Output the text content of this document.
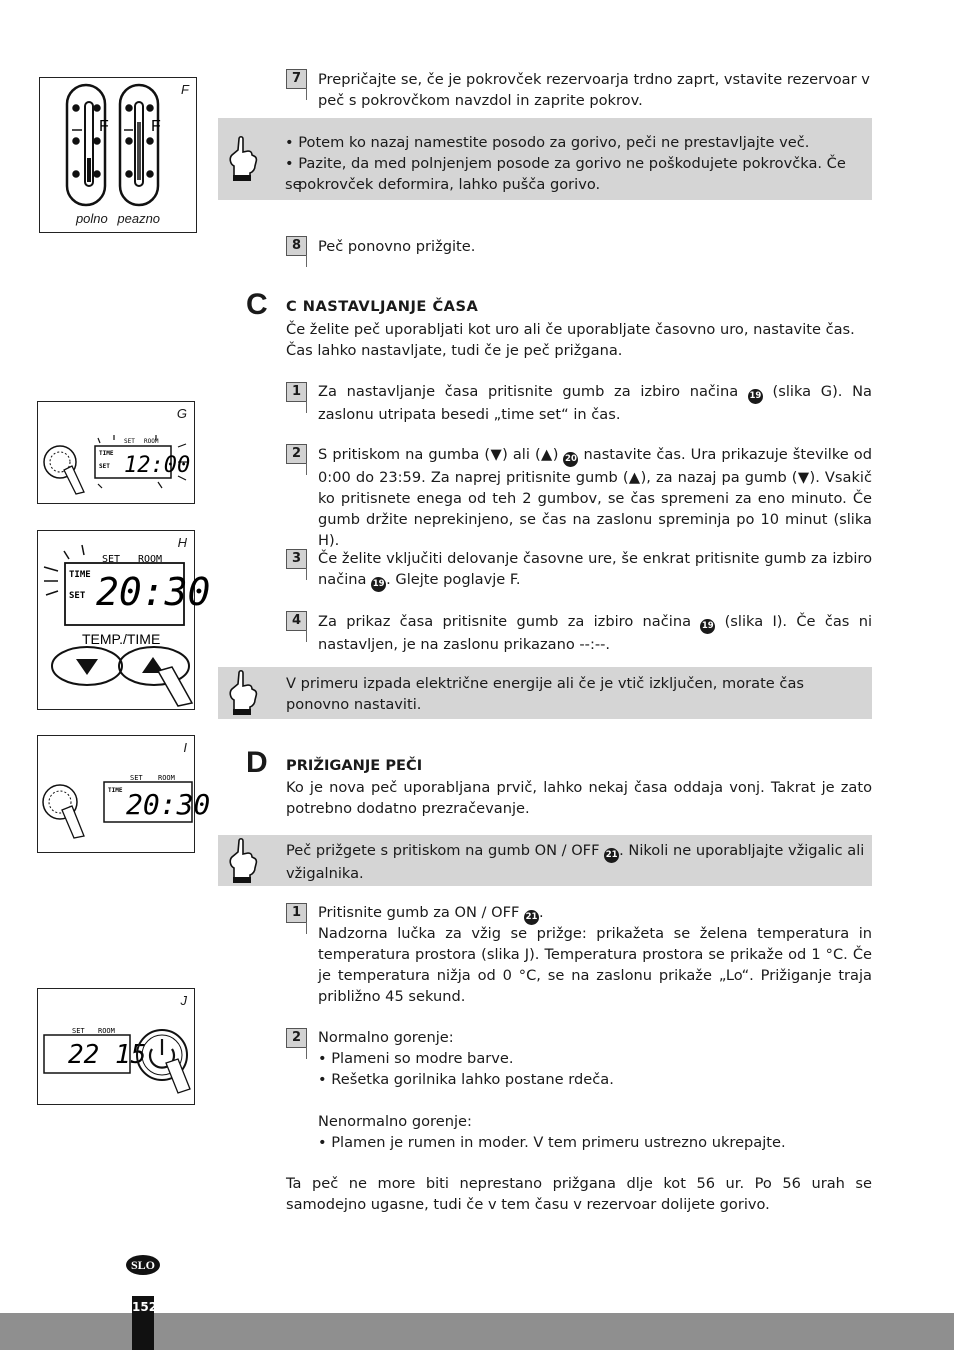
F
F	F
polno peazno
G
SET ROOM
TIME
SET 12:00
H
SET ROOM
TIME
SET 20:30
TEMP./TIME
I
SET ROOM
TIME 20:30
J
SET ROOM
22 15
7	Prepričajte se, če je pokrovček rezervoarja trdno zaprt, vstavite rezervoar v peč s pokrovčkom navzdol in zaprite pokrov.
• Potem ko nazaj namestite posodo za gorivo, peči ne prestavljajte več.
• Pazite, da med polnjenjem posode za gorivo ne poškodujete pokrovčka. Če se
pokrovček deformira, lahko pušča gorivo.
8	Peč ponovno prižgite.
C C NASTAVLJANJE ČASA
Če želite peč uporabljati kot uro ali če uporabljate časovno uro, nastavite čas. Čas lahko nastavljate, tudi če je peč prižgana.
1	Za nastavljanje časa pritisnite gumb za izbiro načina 19 (slika G). Na zaslonu utripata besedi „time set“ in čas.
2	S pritiskom na gumba (▼) ali (▲) 20 nastavite čas. Ura prikazuje številke od 0:00 do 23:59. Za naprej pritisnite gumb (▲), za nazaj pa gumb (▼). Vsakič ko pritisnete enega od teh 2 gumbov, se čas spremeni za eno minuto. Če gumb držite neprekinjeno, se čas na zaslonu spreminja po 10 minut (slika H).
3	Če želite vključiti delovanje časovne ure, še enkrat pritisnite gumb za izbiro načina 19 . Glejte poglavje F.
4	Za prikaz časa pritisnite gumb za izbiro načina 19 (slika I). Če čas ni nastavljen, je na zaslonu prikazano --:--.
V primeru izpada električne energije ali če je vtič izključen, morate čas ponovno nastaviti.
D PRIŽIGANJE PEČI
Ko je nova peč uporabljana prvič, lahko nekaj časa oddaja vonj. Takrat je zato potrebno dodatno prezračevanje.
Peč prižgete s pritiskom na gumb ON / OFF 21 . Nikoli ne uporabljajte vžigalic ali vžigalnika.
1	Pritisnite gumb za ON / OFF 21 .
Nadzorna lučka za vžig se prižge: prikažeta se želena temperatura in temperatura prostora (slika J). Temperatura prostora se prikaže od 1 °C. Če je temperatura nižja od 0 °C, se na zaslonu prikaže „Lo“. Prižiganje traja približno 45 sekund.
2	Normalno gorenje:
• Plameni so modre barve.
• Rešetka gorilnika lahko postane rdeča.
Nenormalno gorenje:
• Plamen je rumen in moder. V tem primeru ustrezno ukrepajte.
Ta peč ne more biti neprestano prižgana dlje kot 56 ur. Po 56 urah se samodejno ugasne, tudi če v tem času v rezervoar dolijete gorivo.
SLO
152
